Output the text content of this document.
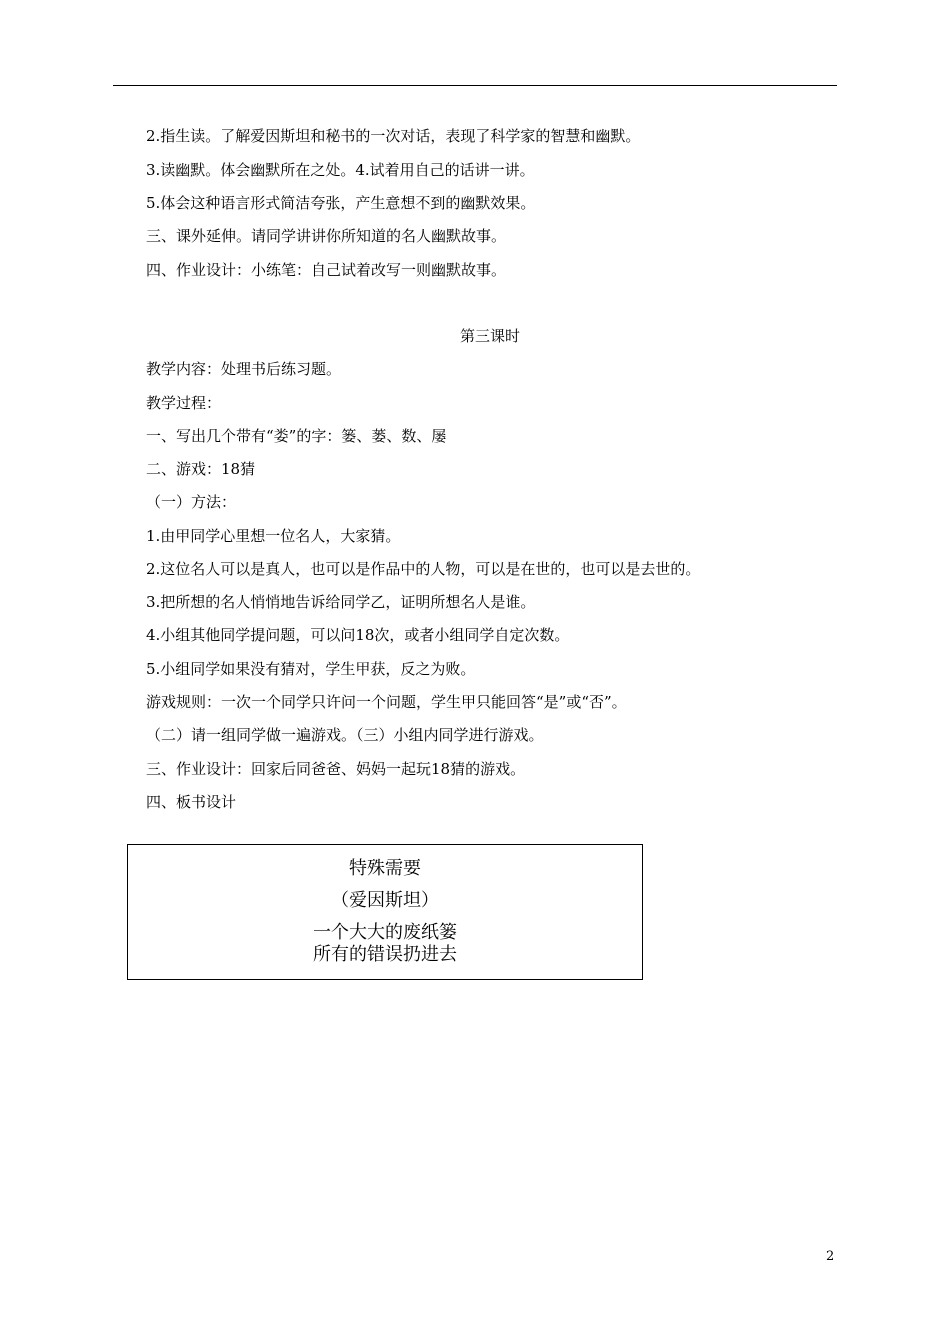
2.指生读。了解爱因斯坦和秘书的一次对话，表现了科学家的智慧和幽默。
3.读幽默。体会幽默所在之处。4.试着用自己的话讲一讲。
5.体会这种语言形式简洁夸张，产生意想不到的幽默效果。
三、课外延伸。请同学讲讲你所知道的名人幽默故事。
四、作业设计：小练笔：自己试着改写一则幽默故事。
第三课时
教学内容：处理书后练习题。
教学过程：
一、写出几个带有“娄”的字：篓、蒌、数、屡
二、游戏：18猜
（一）方法：
1.由甲同学心里想一位名人，大家猜。
2.这位名人可以是真人，也可以是作品中的人物，可以是在世的，也可以是去世的。
3.把所想的名人悄悄地告诉给同学乙，证明所想名人是谁。
4.小组其他同学提问题，可以问18次，或者小组同学自定次数。
5.小组同学如果没有猜对，学生甲获，反之为败。
游戏规则：一次一个同学只许问一个问题，学生甲只能回答“是”或“否”。
（二）请一组同学做一遍游戏。（三）小组内同学进行游戏。
三、作业设计：回家后同爸爸、妈妈一起玩18猜的游戏。
四、板书设计
特殊需要
（爱因斯坦）
一个大大的废纸篓
所有的错误扔进去
2
